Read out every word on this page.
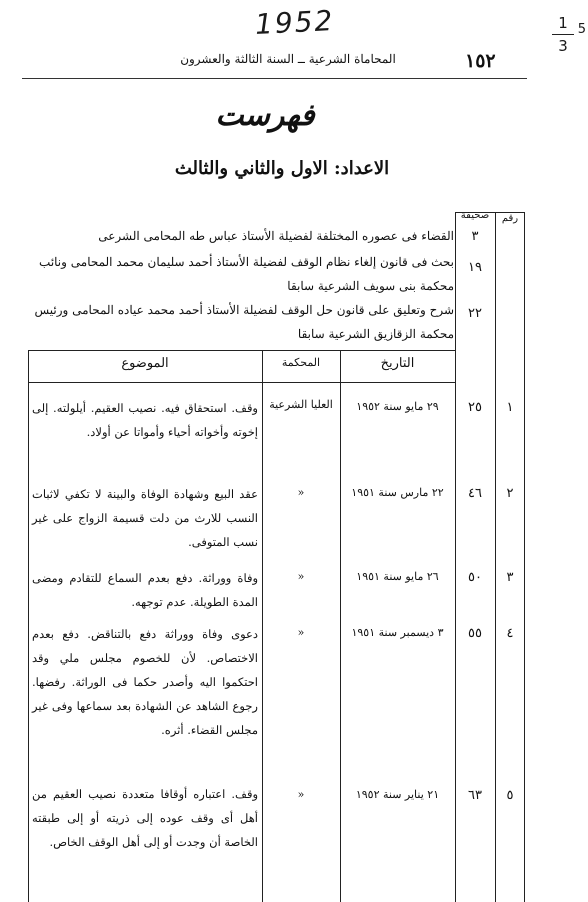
1952	1
3
5
١٥٢
المحاماة الشرعية ــ السنة الثالثة والعشرون
فهرست
الاعداد: الاول والثاني والثالث
رقم
صحيفة
القضاء فى عصوره المختلفة لفضيلة الأستاذ عباس طه المحامى الشرعى	٣
بحث فى قانون إلغاء نظام الوقف لفضيلة الأستاذ أحمد سليمان محمد المحامى ونائب محكمة بنى سويف الشرعية سابقا
١٩
شرح وتعليق على قانون حل الوقف لفضيلة الأستاذ أحمد محمد عياده المحامى ورئيس محكمة الزقازيق الشرعية سابقا
٢٢
التاريخ
المحكمة
الموضوع
١
٢٥
٢٩ مايو سنة ١٩٥٢
العليا الشرعية
وقف. استحقاق فيه. نصيب العقيم. أيلولته. إلى إخوته وأخواته أحياء وأمواتا عن أولاد.
٢
٤٦
٢٢ مارس سنة ١٩٥١
«
عقد البيع وشهادة الوفاة والبينة لا تكفي لاثبات النسب للارث من دلت قسيمة الزواج على غير نسب المتوفى.
٣
٥٠
٢٦ مايو سنة ١٩٥١
«
وفاة ووراثة. دفع بعدم السماع للتقادم ومضى المدة الطويلة. عدم توجهه.
٤
٥٥
٣ ديسمبر سنة ١٩٥١
«
دعوى وفاة ووراثة دفع بالتناقض. دفع بعدم الاختصاص. لأن للخصوم مجلس ملي وقد احتكموا اليه وأصدر حكما فى الوراثة. رفضها. رجوع الشاهد عن الشهادة بعد سماعها وفى غير مجلس القضاء. أثره.
٥
٦٣
٢١ يناير سنة ١٩٥٢
«
وقف. اعتباره أوقافا متعددة نصيب العقيم من أهل أى وقف عوده إلى ذريته أو إلى طبقته الخاصة أن وجدت أو إلى أهل الوقف الخاص.
